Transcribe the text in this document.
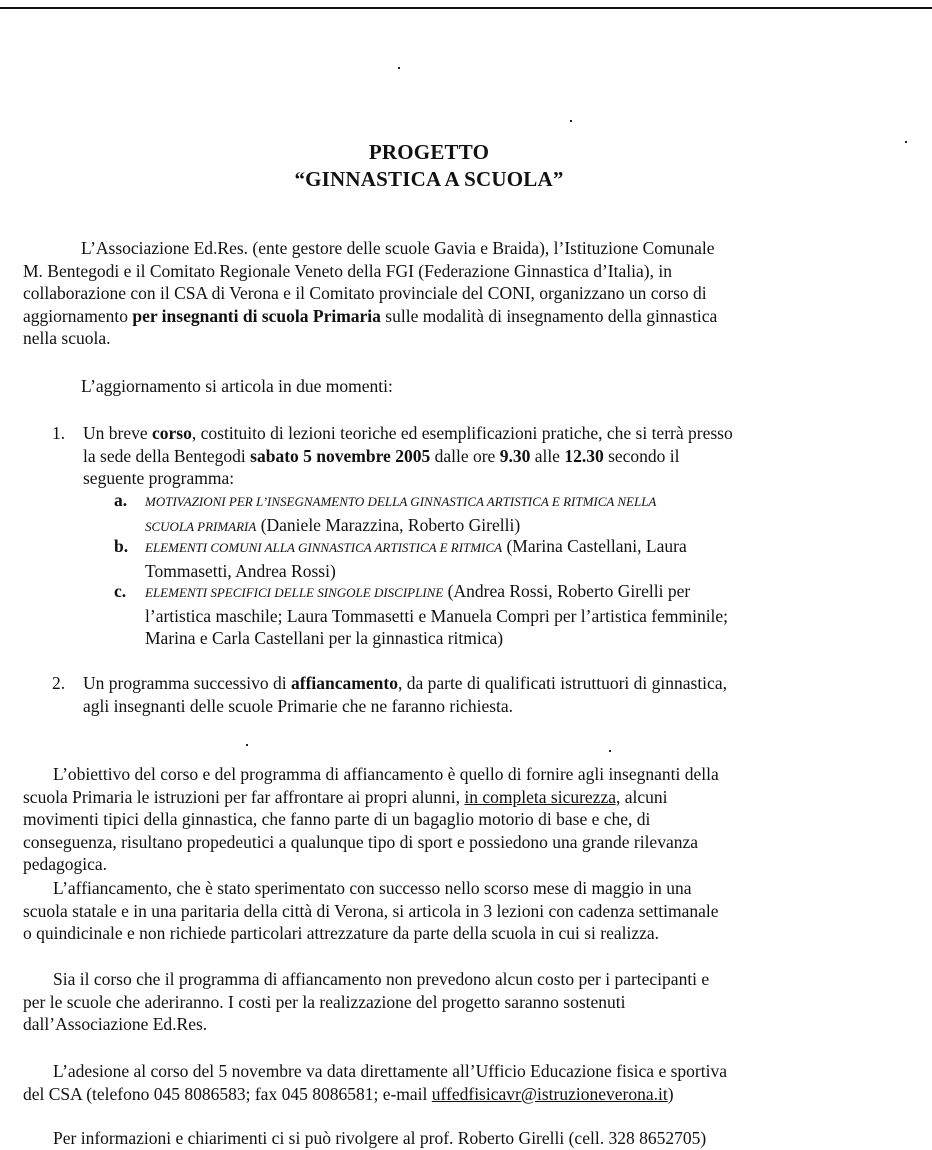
PROGETTO
“GINNASTICA A SCUOLA”
L’Associazione Ed.Res. (ente gestore delle scuole Gavia e Braida), l’Istituzione Comunale
M. Bentegodi e il Comitato Regionale Veneto della FGI (Federazione Ginnastica d’Italia), in
collaborazione con il CSA di Verona e il Comitato provinciale del CONI, organizzano un corso di
aggiornamento per insegnanti di scuola Primaria sulle modalità di insegnamento della ginnastica
nella scuola.
L’aggiornamento si articola in due momenti:
1. Un breve corso, costituito di lezioni teoriche ed esemplificazioni pratiche, che si terrà presso
la sede della Bentegodi sabato 5 novembre 2005 dalle ore 9.30 alle 12.30 secondo il
seguente programma:
a. MOTIVAZIONI PER L’INSEGNAMENTO DELLA GINNASTICA ARTISTICA E RITMICA NELLA
SCUOLA PRIMARIA (Daniele Marazzina, Roberto Girelli)
b. ELEMENTI COMUNI ALLA GINNASTICA ARTISTICA E RITMICA (Marina Castellani, Laura
Tommasetti, Andrea Rossi)
c. ELEMENTI SPECIFICI DELLE SINGOLE DISCIPLINE (Andrea Rossi, Roberto Girelli per
l’artistica maschile; Laura Tommasetti e Manuela Compri per l’artistica femminile;
Marina e Carla Castellani per la ginnastica ritmica)
2. Un programma successivo di affiancamento, da parte di qualificati istruttuori di ginnastica,
agli insegnanti delle scuole Primarie che ne faranno richiesta.
L’obiettivo del corso e del programma di affiancamento è quello di fornire agli insegnanti della
scuola Primaria le istruzioni per far affrontare ai propri alunni, in completa sicurezza, alcuni
movimenti tipici della ginnastica, che fanno parte di un bagaglio motorio di base e che, di
conseguenza, risultano propedeutici a qualunque tipo di sport e possiedono una grande rilevanza
pedagogica.
L’affiancamento, che è stato sperimentato con successo nello scorso mese di maggio in una
scuola statale e in una paritaria della città di Verona, si articola in 3 lezioni con cadenza settimanale
o quindicinale e non richiede particolari attrezzature da parte della scuola in cui si realizza.
Sia il corso che il programma di affiancamento non prevedono alcun costo per i partecipanti e
per le scuole che aderiranno. I costi per la realizzazione del progetto saranno sostenuti
dall’Associazione Ed.Res.
L’adesione al corso del 5 novembre va data direttamente all’Ufficio Educazione fisica e sportiva
del CSA (telefono 045 8086583; fax 045 8086581; e-mail uffedfisicavr@istruzioneverona.it)
Per informazioni e chiarimenti ci si può rivolgere al prof. Roberto Girelli (cell. 328 8652705)
